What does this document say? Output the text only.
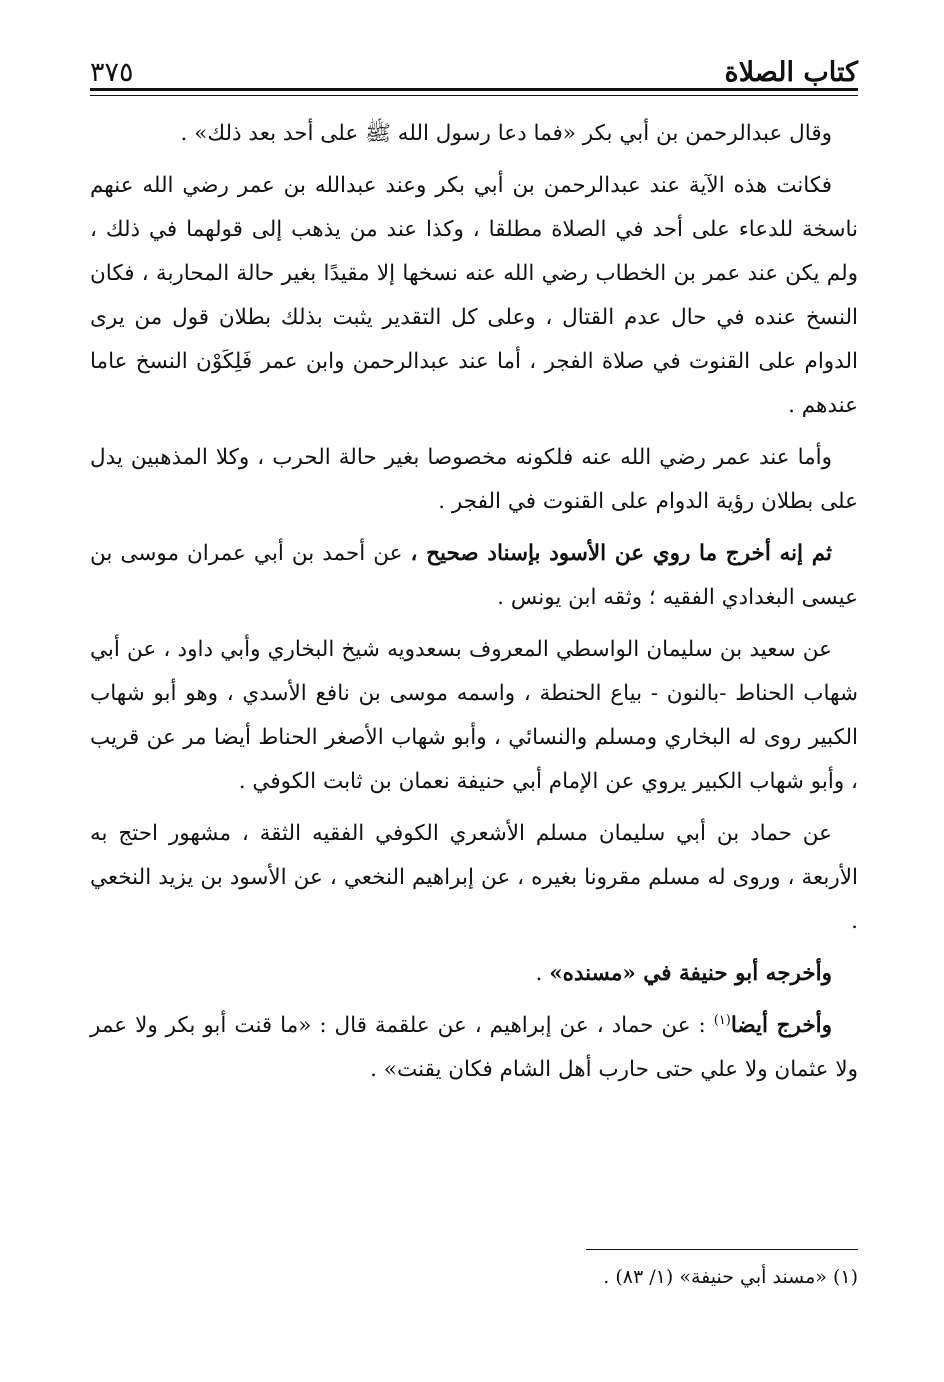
٣٧٥	كتاب الصلاة

وقال عبدالرحمن بن أبي بكر «فما دعا رسول الله ﷺ على أحد بعد ذلك» .

فكانت هذه الآية عند عبدالرحمن بن أبي بكر وعند عبدالله بن عمر رضي الله عنهم ناسخة للدعاء على أحد في الصلاة مطلقا ، وكذا عند من يذهب إلى قولهما في ذلك ، ولم يكن عند عمر بن الخطاب رضي الله عنه نسخها إلا مقيدًا بغير حالة المحاربة ، فكان النسخ عنده في حال عدم القتال ، وعلى كل التقدير يثبت بذلك بطلان قول من يرى الدوام على القنوت في صلاة الفجر ، أما عند عبدالرحمن وابن عمر فَلِكَوْن النسخ عاما عندهم .

وأما عند عمر رضي الله عنه فلكونه مخصوصا بغير حالة الحرب ، وكلا المذهبين يدل على بطلان رؤية الدوام على القنوت في الفجر .

ثم إنه أخرج ما روي عن الأسود بإسناد صحيح ، عن أحمد بن أبي عمران موسى بن عيسى البغدادي الفقيه ؛ وثقه ابن يونس .

عن سعيد بن سليمان الواسطي المعروف بسعدويه شيخ البخاري وأبي داود ، عن أبي شهاب الحناط -بالنون - بياع الحنطة ، واسمه موسى بن نافع الأسدي ، وهو أبو شهاب الكبير روى له البخاري ومسلم والنسائي ، وأبو شهاب الأصغر الحناط أيضا مر عن قريب ، وأبو شهاب الكبير يروي عن الإمام أبي حنيفة نعمان بن ثابت الكوفي .

عن حماد بن أبي سليمان مسلم الأشعري الكوفي الفقيه الثقة ، مشهور احتج به الأربعة ، وروى له مسلم مقرونا بغيره ، عن إبراهيم النخعي ، عن الأسود بن يزيد النخعي .

وأخرجه أبو حنيفة في «مسنده» .

وأخرج أيضا$^{(١)}$ : عن حماد ، عن إبراهيم ، عن علقمة قال : «ما قنت أبو بكر ولا عمر ولا عثمان ولا علي حتى حارب أهل الشام فكان يقنت» .

(١) «مسند أبي حنيفة» (١/ ٨٣) .
